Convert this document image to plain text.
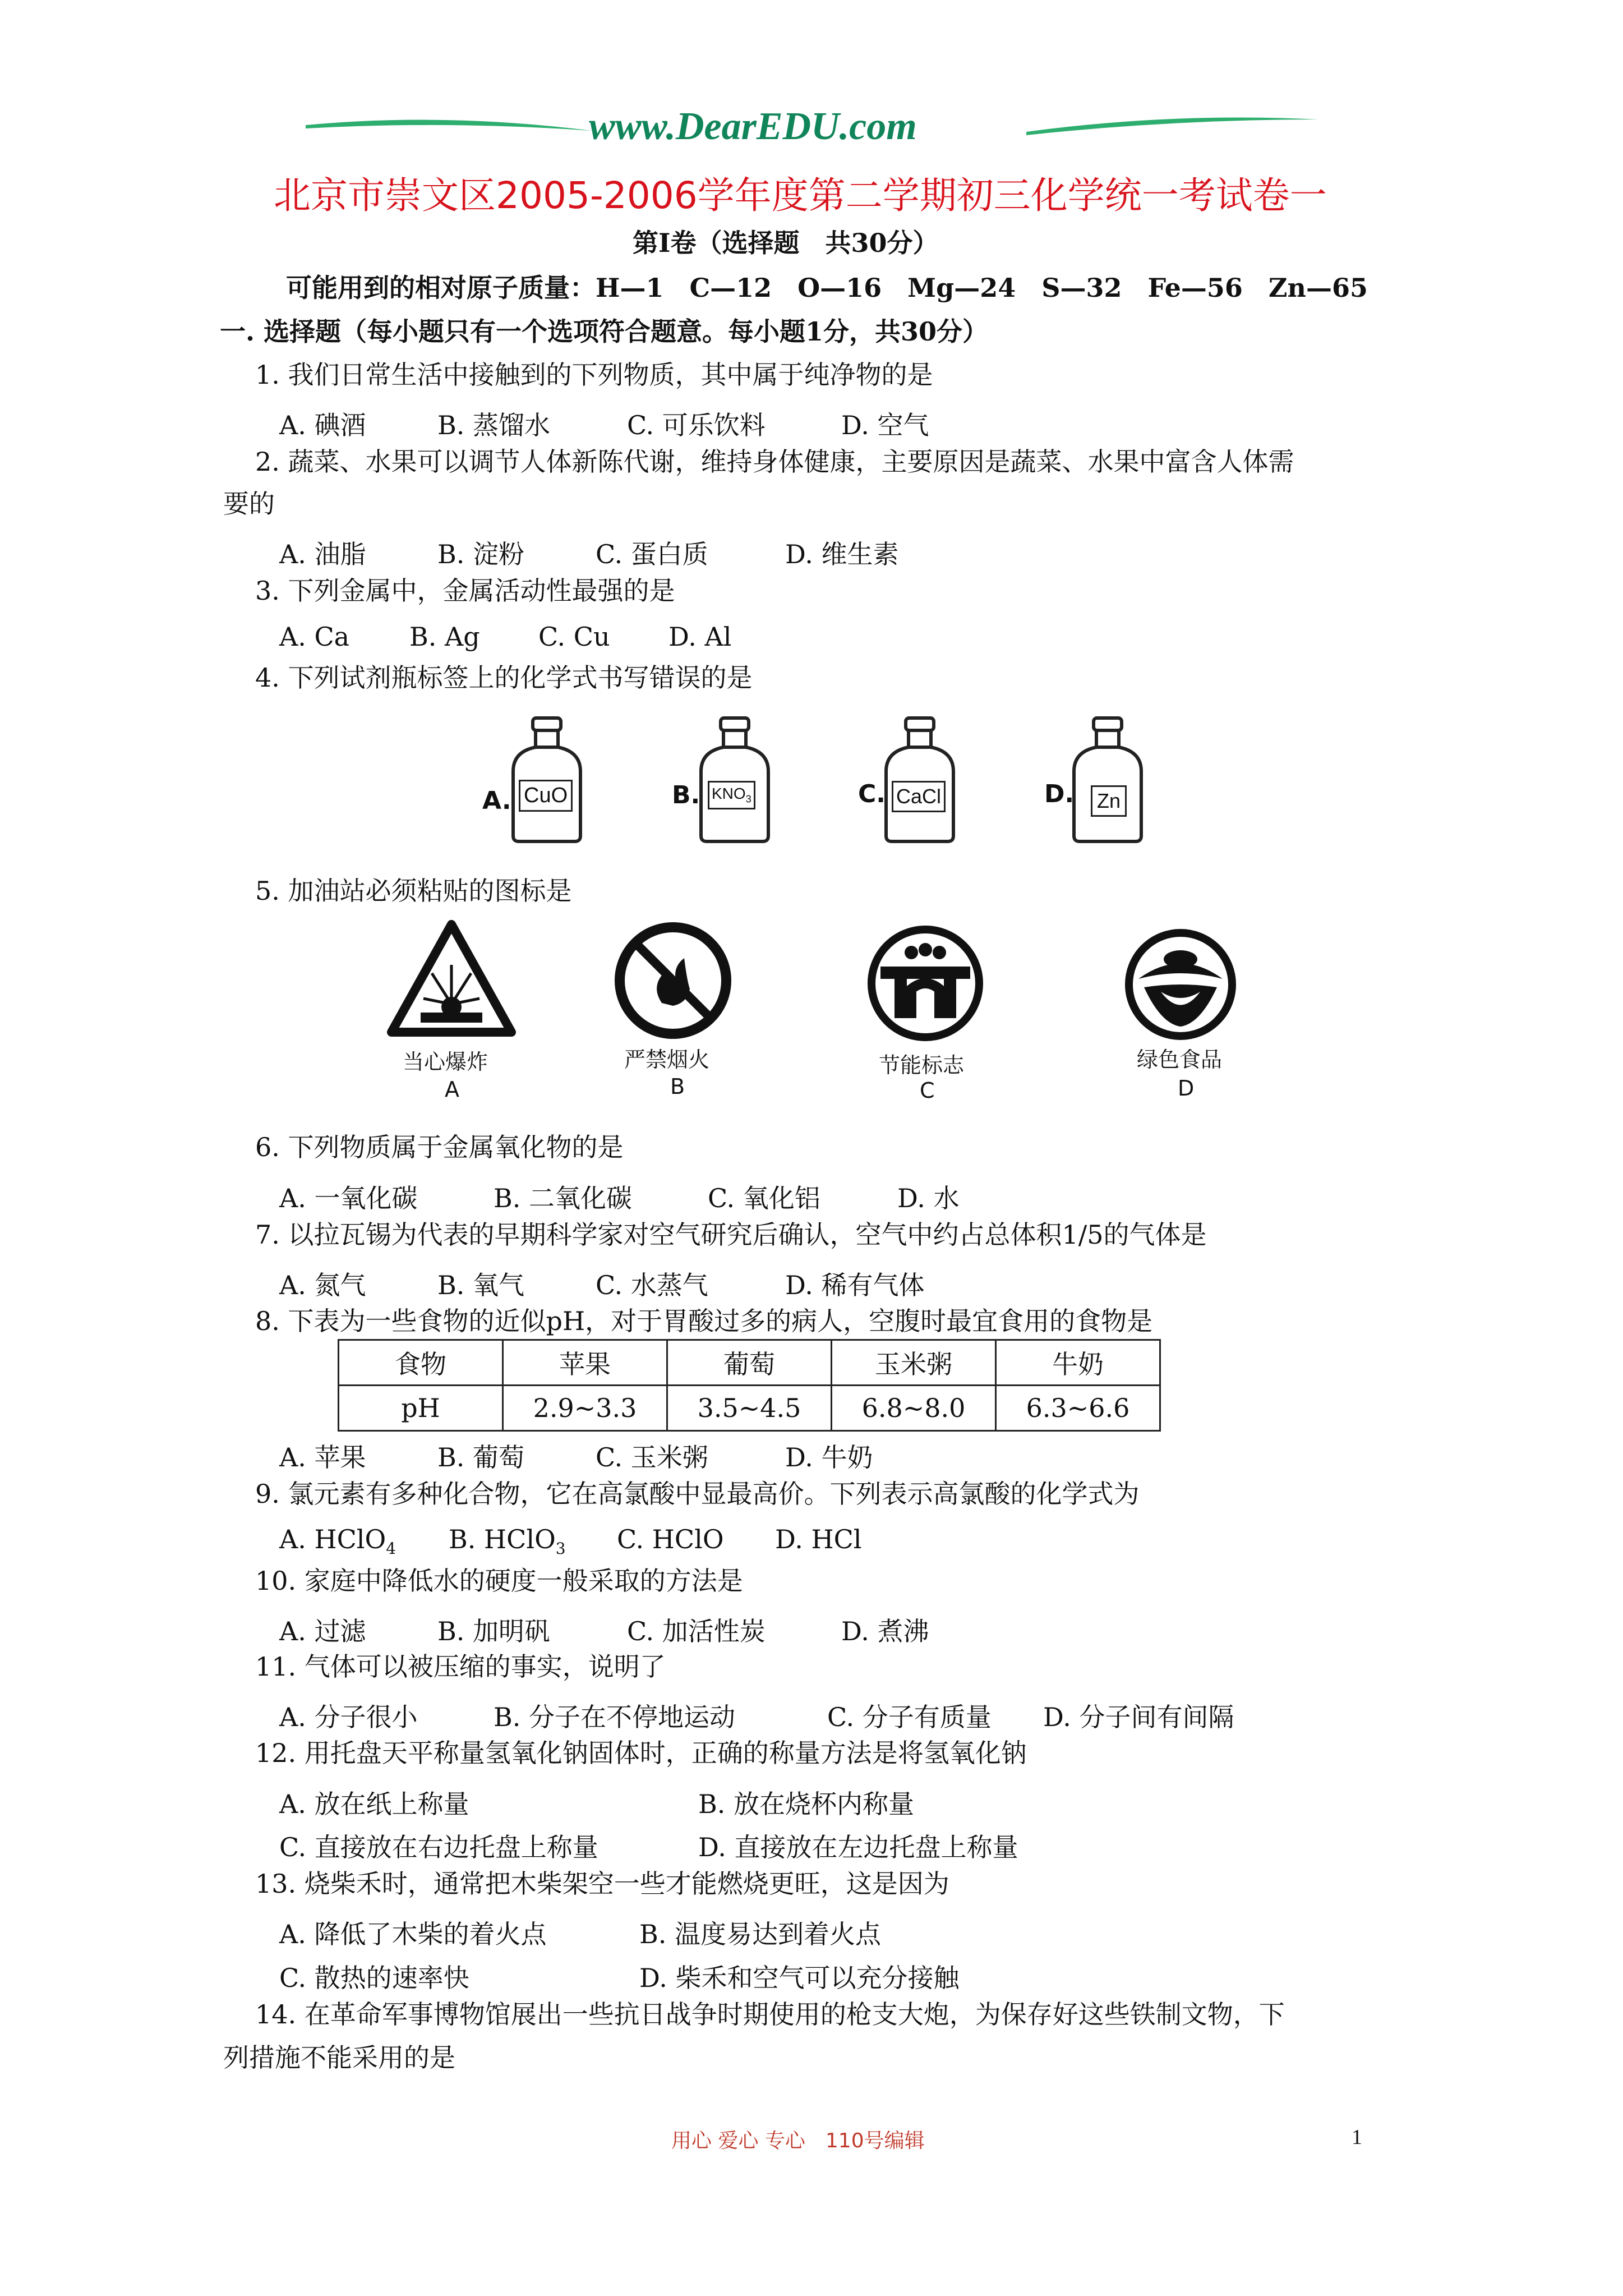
www.DearEDU.com
北京市崇文区2005-2006学年度第二学期初三化学统一考试卷一
第Ⅰ卷（选择题　共30分）
可能用到的相对原子质量：H—1　C—12　O—16　Mg—24　S—32　Fe—56　Zn—65
一. 选择题（每小题只有一个选项符合题意。每小题1分，共30分）
1. 我们日常生活中接触到的下列物质，其中属于纯净物的是
A. 碘酒	B. 蒸馏水	C. 可乐饮料	D. 空气
2. 蔬菜、水果可以调节人体新陈代谢，维持身体健康，主要原因是蔬菜、水果中富含人体需
要的
A. 油脂	B. 淀粉	C. 蛋白质	D. 维生素
3. 下列金属中，金属活动性最强的是
A. Ca B. Ag C. Cu D. Al
4. 下列试剂瓶标签上的化学式书写错误的是
A. CuO	B. $KNO_3$	C. CaCl	D.	Zn
5. 加油站必须粘贴的图标是
当心爆炸
A
严禁烟火
B
节能标志
C
绿色食品
D
6. 下列物质属于金属氧化物的是
A. 一氧化碳	B. 二氧化碳	C. 氧化铝	D. 水
7. 以拉瓦锡为代表的早期科学家对空气研究后确认，空气中约占总体积1/5的气体是
A. 氮气	B. 氧气	C. 水蒸气	D. 稀有气体
8. 下表为一些食物的近似pH，对于胃酸过多的病人，空腹时最宜食用的食物是
食物	苹果	葡萄	玉米粥	牛奶
pH	2.9~3.3	3.5~4.5	6.8~8.0	6.3~6.6
A. 苹果	B. 葡萄	C. 玉米粥	D. 牛奶
9. 氯元素有多种化合物，它在高氯酸中显最高价。下列表示高氯酸的化学式为
A. HClO$_4$ B. HClO$_3$ C. HClO D. HCl
10. 家庭中降低水的硬度一般采取的方法是
A. 过滤	B. 加明矾	C. 加活性炭	D. 煮沸
11. 气体可以被压缩的事实，说明了
A. 分子很小	B. 分子在不停地运动	C. 分子有质量 D. 分子间有间隔
12. 用托盘天平称量氢氧化钠固体时，正确的称量方法是将氢氧化钠
A. 放在纸上称量	B. 放在烧杯内称量
C. 直接放在右边托盘上称量	D. 直接放在左边托盘上称量
13. 烧柴禾时，通常把木柴架空一些才能燃烧更旺，这是因为
A. 降低了木柴的着火点	B. 温度易达到着火点
C. 散热的速率快	D. 柴禾和空气可以充分接触
14. 在革命军事博物馆展出一些抗日战争时期使用的枪支大炮，为保存好这些铁制文物，下
列措施不能采用的是
用心 爱心 专心　110号编辑	1
